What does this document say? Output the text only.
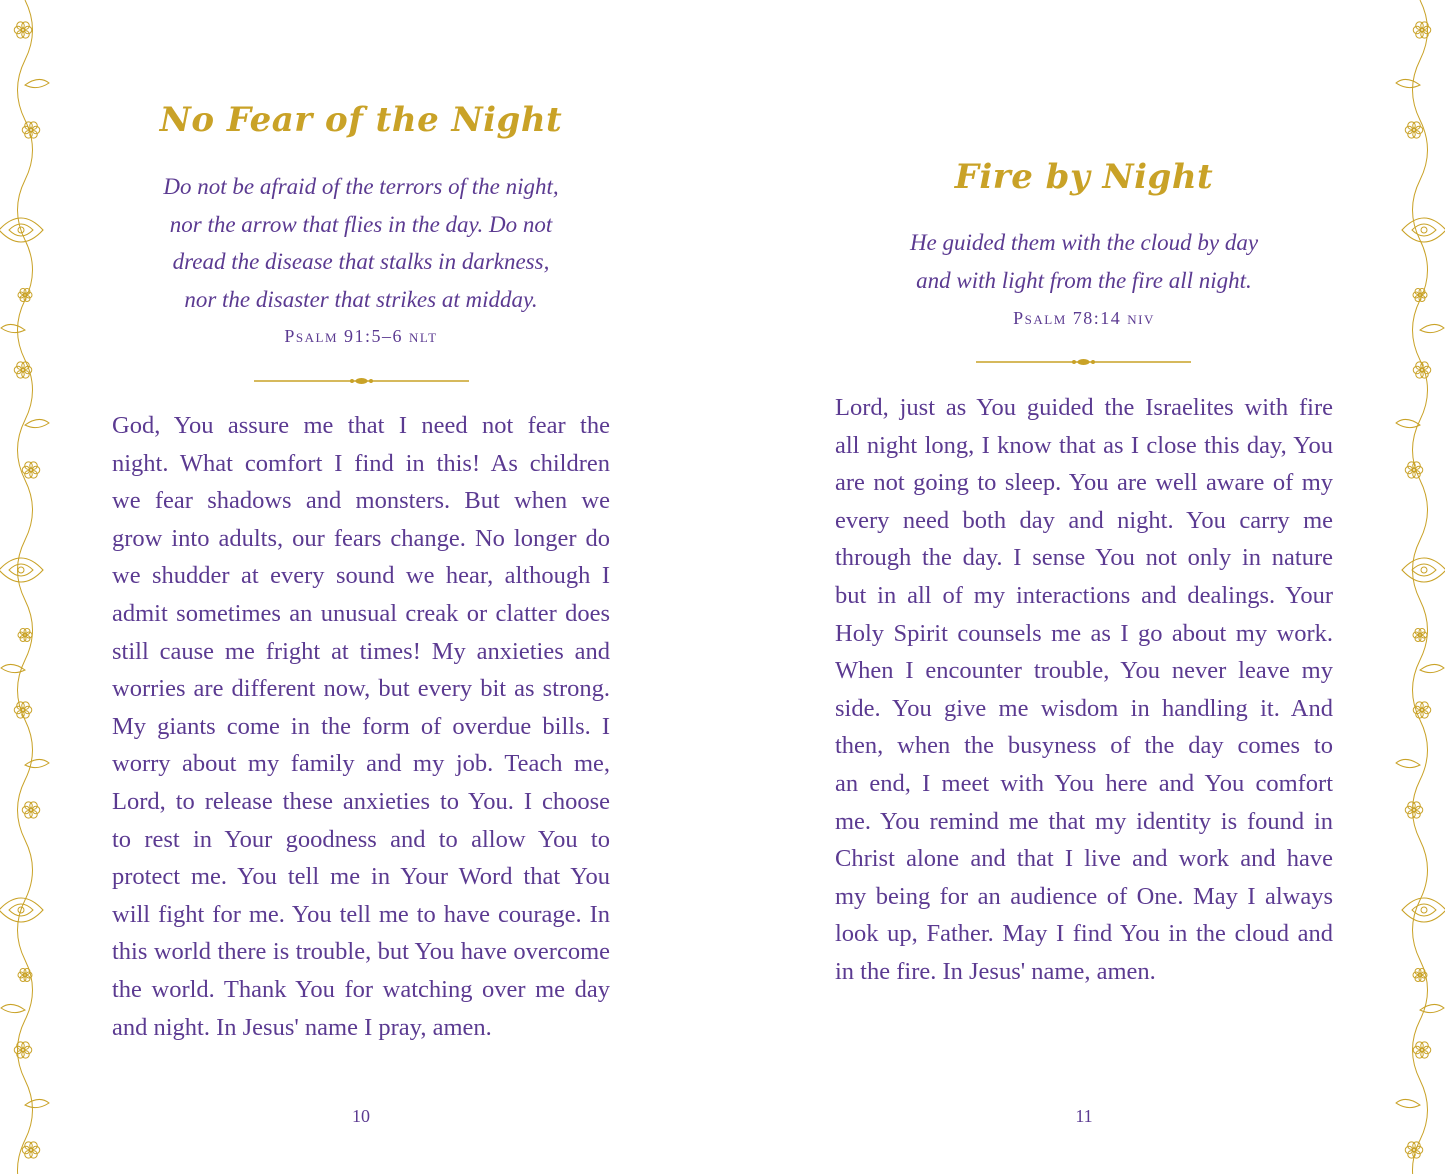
No Fear of the Night
Do not be afraid of the terrors of the night,
nor the arrow that flies in the day. Do not
dread the disease that stalks in darkness,
nor the disaster that strikes at midday.

Psalm 91:5–6 nlt

God, You assure me that I need not fear the
night. What comfort I find in this! As children
we fear shadows and monsters. But when we
grow into adults, our fears change. No longer do
we shudder at every sound we hear, although I
admit sometimes an unusual creak or clatter does
still cause me fright at times! My anxieties and
worries are different now, but every bit as strong.
My giants come in the form of overdue bills. I
worry about my family and my job. Teach me,
Lord, to release these anxieties to You. I choose
to rest in Your goodness and to allow You to
protect me. You tell me in Your Word that You
will fight for me. You tell me to have courage. In
this world there is trouble, but You have overcome
the world. Thank You for watching over me day
and night. In Jesus' name I pray, amen.

10

Fire by Night
He guided them with the cloud by day
and with light from the fire all night.

Psalm 78:14 niv

Lord, just as You guided the Israelites with fire
all night long, I know that as I close this day, You
are not going to sleep. You are well aware of my
every need both day and night. You carry me
through the day. I sense You not only in nature
but in all of my interactions and dealings. Your
Holy Spirit counsels me as I go about my work.
When I encounter trouble, You never leave my
side. You give me wisdom in handling it. And
then, when the busyness of the day comes to
an end, I meet with You here and You comfort
me. You remind me that my identity is found in
Christ alone and that I live and work and have
my being for an audience of One. May I always
look up, Father. May I find You in the cloud and
in the fire. In Jesus' name, amen.

11
